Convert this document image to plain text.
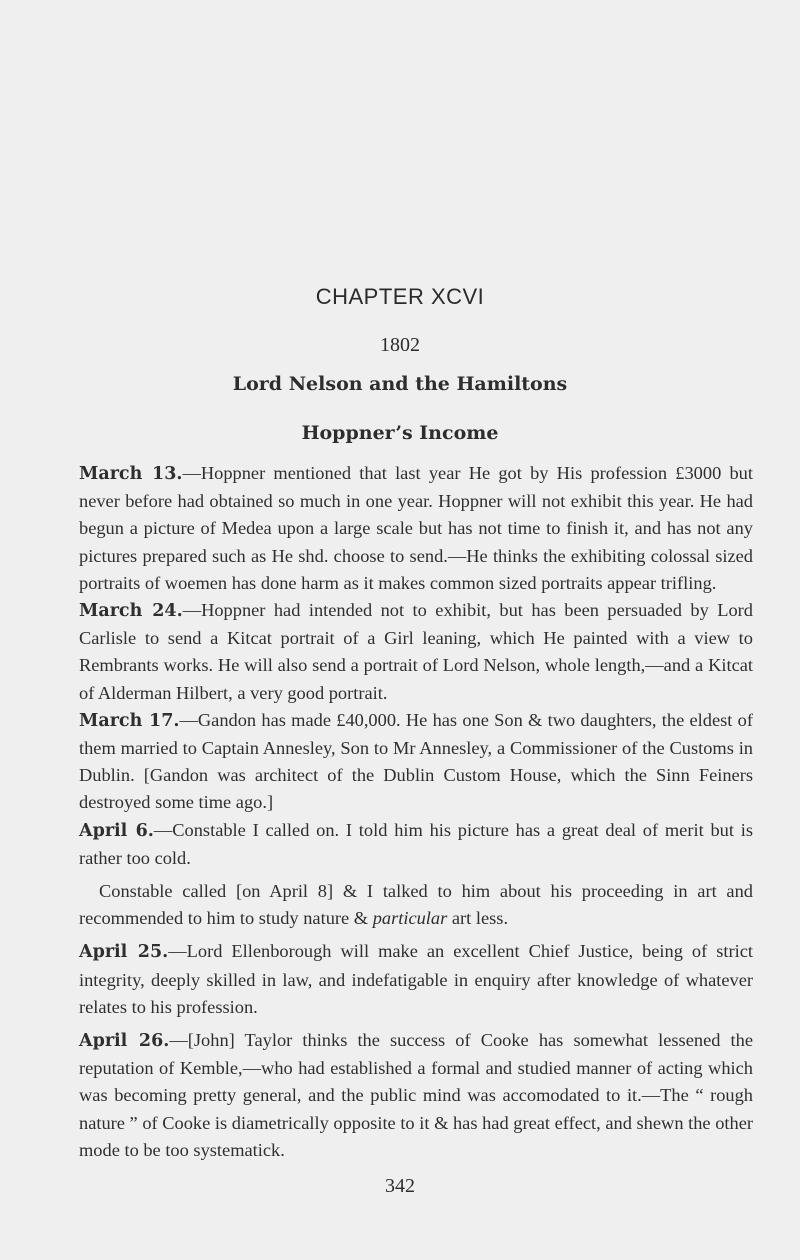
CHAPTER XCVI
1802
Lord Nelson and the Hamiltons
Hoppner’s Income

March 13.—Hoppner mentioned that last year He got by His profession £3000 but never before had obtained so much in one year. Hoppner will not exhibit this year. He had begun a picture of Medea upon a large scale but has not time to finish it, and has not any pictures prepared such as He shd. choose to send.—He thinks the exhibiting colossal sized portraits of woemen has done harm as it makes common sized portraits appear trifling.

March 24.—Hoppner had intended not to exhibit, but has been persuaded by Lord Carlisle to send a Kitcat portrait of a Girl leaning, which He painted with a view to Rembrants works. He will also send a portrait of Lord Nelson, whole length,—and a Kitcat of Alderman Hilbert, a very good portrait.

March 17.—Gandon has made £40,000. He has one Son & two daughters, the eldest of them married to Captain Annesley, Son to Mr Annesley, a Commissioner of the Customs in Dublin. [Gandon was architect of the Dublin Custom House, which the Sinn Feiners destroyed some time ago.]

April 6.—Constable I called on. I told him his picture has a great deal of merit but is rather too cold.

Constable called [on April 8] & I talked to him about his proceeding in art and recommended to him to study nature & particular art less.

April 25.—Lord Ellenborough will make an excellent Chief Justice, being of strict integrity, deeply skilled in law, and indefatigable in enquiry after knowledge of whatever relates to his profession.

April 26.—[John] Taylor thinks the success of Cooke has somewhat lessened the reputation of Kemble,—who had established a formal and studied manner of acting which was becoming pretty general, and the public mind was accomodated to it.—The “ rough nature ” of Cooke is diametrically opposite to it & has had great effect, and shewn the other mode to be too systematick.

342
